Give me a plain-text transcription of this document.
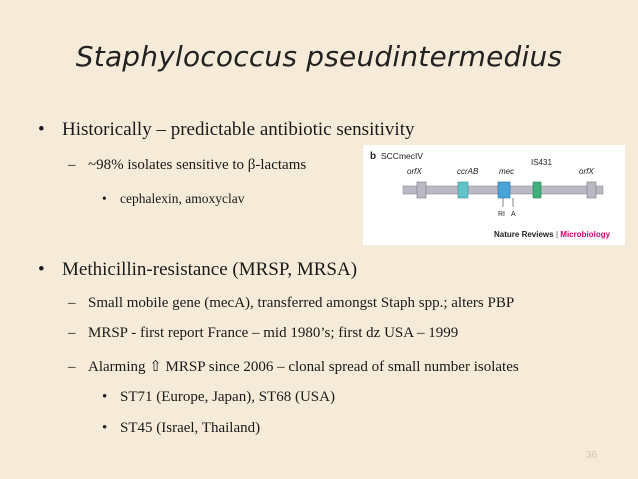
Staphylococcus pseudintermedius
• Historically – predictable antibiotic sensitivity
– ~98% isolates sensitive to β-lactams
• cephalexin, amoxyclav
b SCCmecIV
orfX	ccrAB	mec
IS431
orfX
RI A
Nature Reviews | Microbiology
• Methicillin-resistance (MRSP, MRSA)
– Small mobile gene (mecA), transferred amongst Staph spp.; alters PBP
– MRSP - first report France – mid 1980’s; first dz USA – 1999
– Alarming ⇧ MRSP since 2006 – clonal spread of small number isolates
• ST71 (Europe, Japan), ST68 (USA)
• ST45 (Israel, Thailand)
36
